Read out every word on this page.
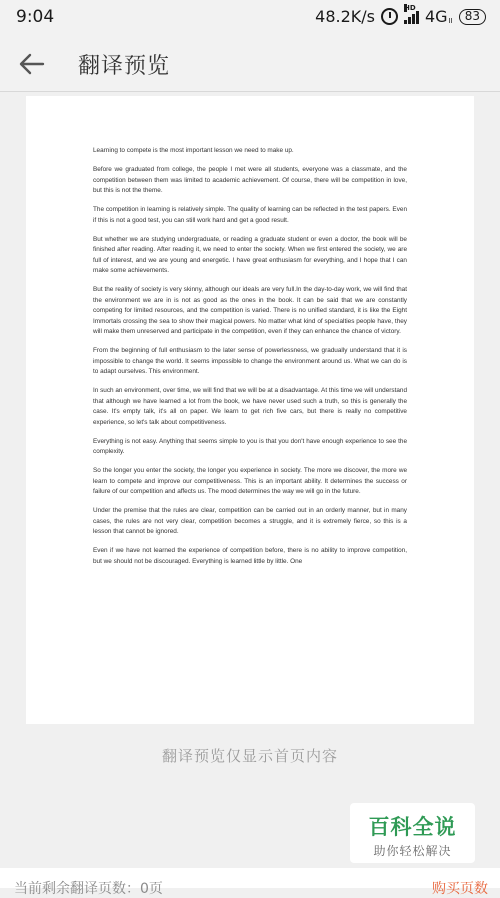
9:04	48.2K/s	HD 4G II	83
翻译预览

Learning to compete is the most important lesson we need to make up.

Before we graduated from college, the people I met were all students, everyone was a classmate, and the competition between them was limited to academic achievement. Of course, there will be competition in love, but this is not the theme.

The competition in learning is relatively simple. The quality of learning can be reflected in the test papers. Even if this is not a good test, you can still work hard and get a good result.

But whether we are studying undergraduate, or reading a graduate student or even a doctor, the book will be finished after reading. After reading it, we need to enter the society. When we first entered the society, we are full of interest, and we are young and energetic. I have great enthusiasm for everything, and I hope that I can make some achievements.

But the reality of society is very skinny, although our ideals are very full.In the day-to-day work, we will find that the environment we are in is not as good as the ones in the book. It can be said that we are constantly competing for limited resources, and the competition is varied. There is no unified standard, it is like the Eight Immortals crossing the sea to show their magical powers. No matter what kind of specialties people have, they will make them unreserved and participate in the competition, even if they can enhance the chance of victory.

From the beginning of full enthusiasm to the later sense of powerlessness, we gradually understand that it is impossible to change the world. It seems impossible to change the environment around us. What we can do is to adapt ourselves. This environment.

In such an environment, over time, we will find that we will be at a disadvantage. At this time we will understand that although we have learned a lot from the book, we have never used such a truth, so this is generally the case. It's empty talk, it's all on paper. We learn to get rich five cars, but there is really no competitive experience, so let's talk about competitiveness.

Everything is not easy. Anything that seems simple to you is that you don't have enough experience to see the complexity.

So the longer you enter the society, the longer you experience in society. The more we discover, the more we learn to compete and improve our competitiveness. This is an important ability. It determines the success or failure of our competition and affects us. The mood determines the way we will go in the future.

Under the premise that the rules are clear, competition can be carried out in an orderly manner, but in many cases, the rules are not very clear, competition becomes a struggle, and it is extremely fierce, so this is a lesson that cannot be ignored.

Even if we have not learned the experience of competition before, there is no ability to improve competition, but we should not be discouraged. Everything is learned little by little. One

翻译预览仅显示首页内容
百科全说
助你轻松解决
当前剩余翻译页数：0页	购买页数
